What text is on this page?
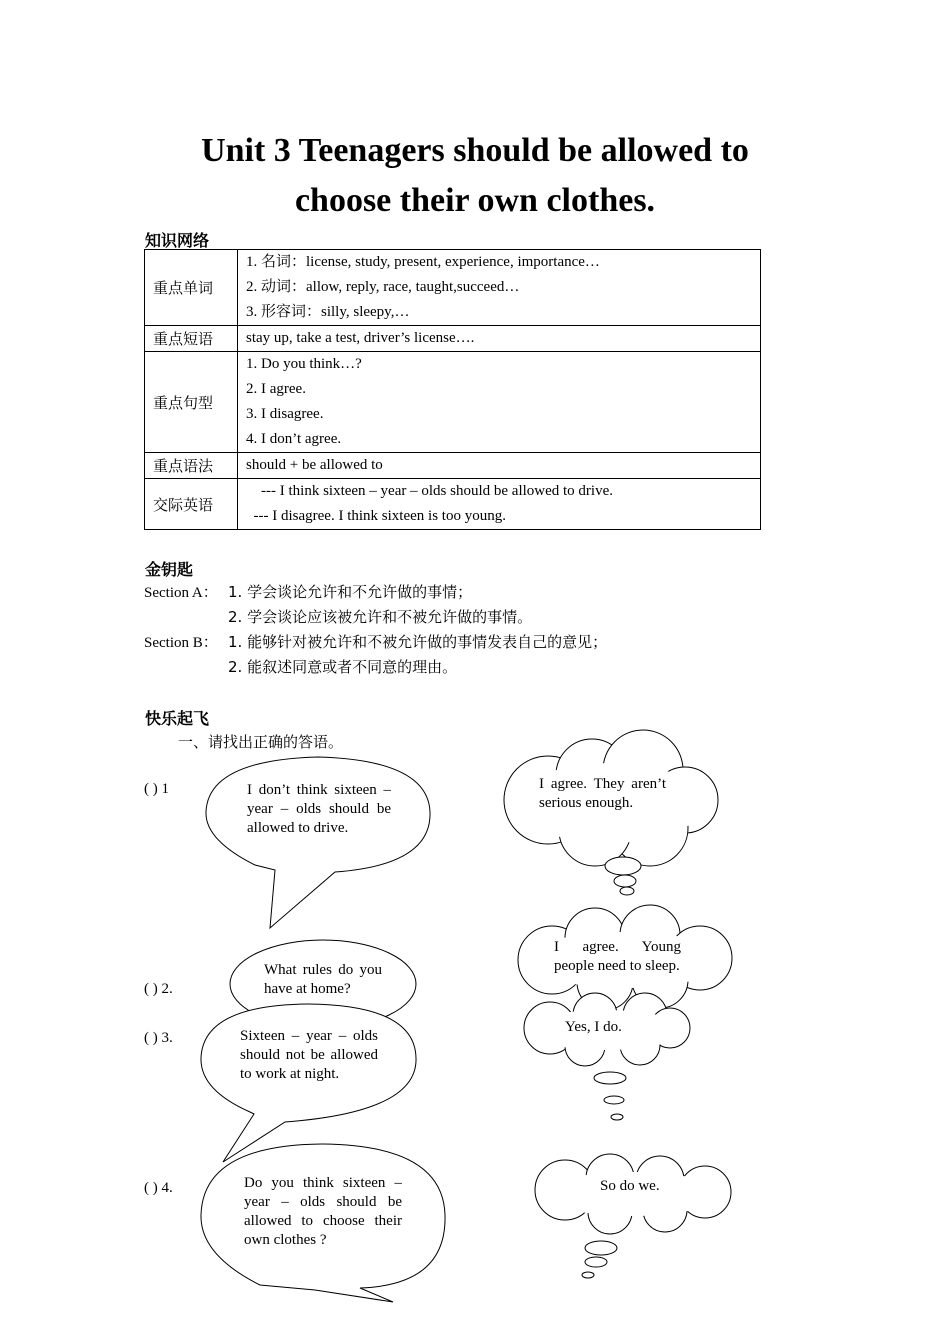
Unit 3 Teenagers should be allowed to
choose their own clothes.
知识网络
重点单词	1. 名词：license, study, present, experience, importance…
2. 动词：allow, reply, race, taught,succeed…
3. 形容词：silly, sleepy,…

重点短语	stay up, take a test, driver’s license….

重点句型	1. Do you think…?
2. I agree.
3. I disagree.
4. I don’t agree.

重点语法	should + be allowed to

交际英语	--- I think sixteen – year – olds should be allowed to drive.
--- I disagree. I think sixteen is too young.
金钥匙
Section A： 1. 学会谈论允许和不允许做的事情；
2. 学会谈论应该被允许和不被允许做的事情。
Section B： 1. 能够针对被允许和不被允许做的事情发表自己的意见；
2. 能叙述同意或者不同意的理由。
快乐起飞
一、请找出正确的答语。
( ) 1
( ) 2.
( ) 3.
( ) 4.
I don’t think sixteen – year – olds should be allowed to drive.
What rules do you have at home?
Sixteen – year – olds should not be allowed to work at night.
Do you think sixteen – year – olds should be allowed to choose their own clothes ?
I agree. They aren’t serious enough.
I agree. Young people need to sleep.
Yes, I do.
So do we.
